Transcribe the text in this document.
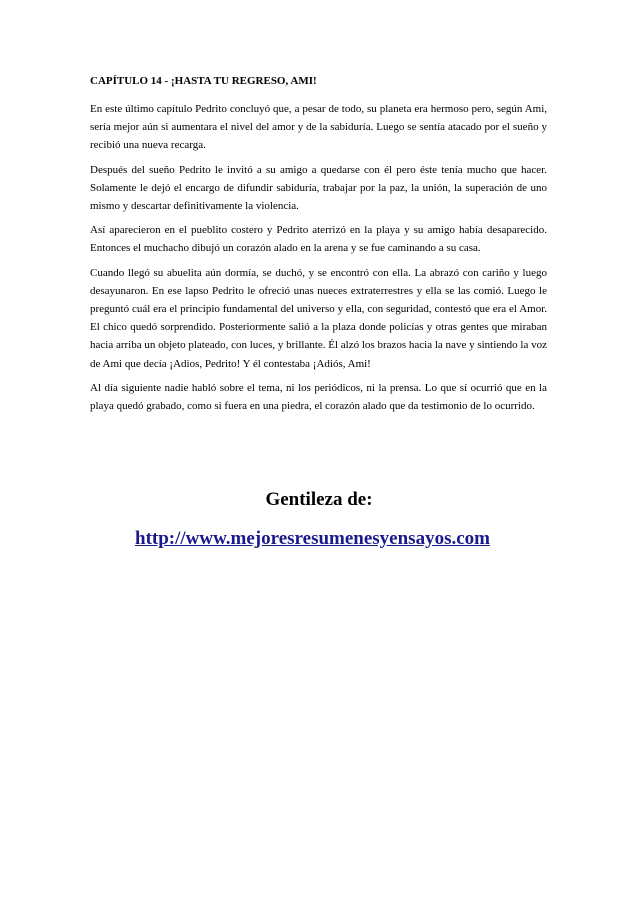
CAPÍTULO 14 - ¡HASTA TU REGRESO, AMI!

En este último capítulo Pedrito concluyó que, a pesar de todo, su planeta era hermoso pero, según Ami, sería mejor aún si aumentara el nivel del amor y de la sabiduría. Luego se sentía atacado por el sueño y recibió una nueva recarga.

Después del sueño Pedrito le invitó a su amigo a quedarse con él pero éste tenía mucho que hacer. Solamente le dejó el encargo de difundir sabiduría, trabajar por la paz, la unión, la superación de uno mismo y descartar definitivamente la violencia.

Así aparecieron en el pueblito costero y Pedrito aterrizó en la playa y su amigo había desaparecido. Entonces el muchacho dibujó un corazón alado en la arena y se fue caminando a su casa.

Cuando llegó su abuelita aún dormía, se duchó, y se encontró con ella. La abrazó con cariño y luego desayunaron. En ese lapso Pedrito le ofreció unas nueces extraterrestres y ella se las comió. Luego le preguntó cuál era el principio fundamental del universo y ella, con seguridad, contestó que era el Amor. El chico quedó sorprendido. Posteriormente salió a la plaza donde policías y otras gentes que miraban hacia arriba un objeto plateado, con luces, y brillante. Él alzó los brazos hacia la nave y sintiendo la voz de Ami que decía ¡Adios, Pedrito! Y él contestaba ¡Adiós, Ami!

Al día siguiente nadie habló sobre el tema, ni los periódicos, ni la prensa. Lo que sí ocurrió que en la playa quedó grabado, como si fuera en una piedra, el corazón alado que da testimonio de lo ocurrido.

Gentileza de:
http://www.mejoresresumenesyensayos.com
